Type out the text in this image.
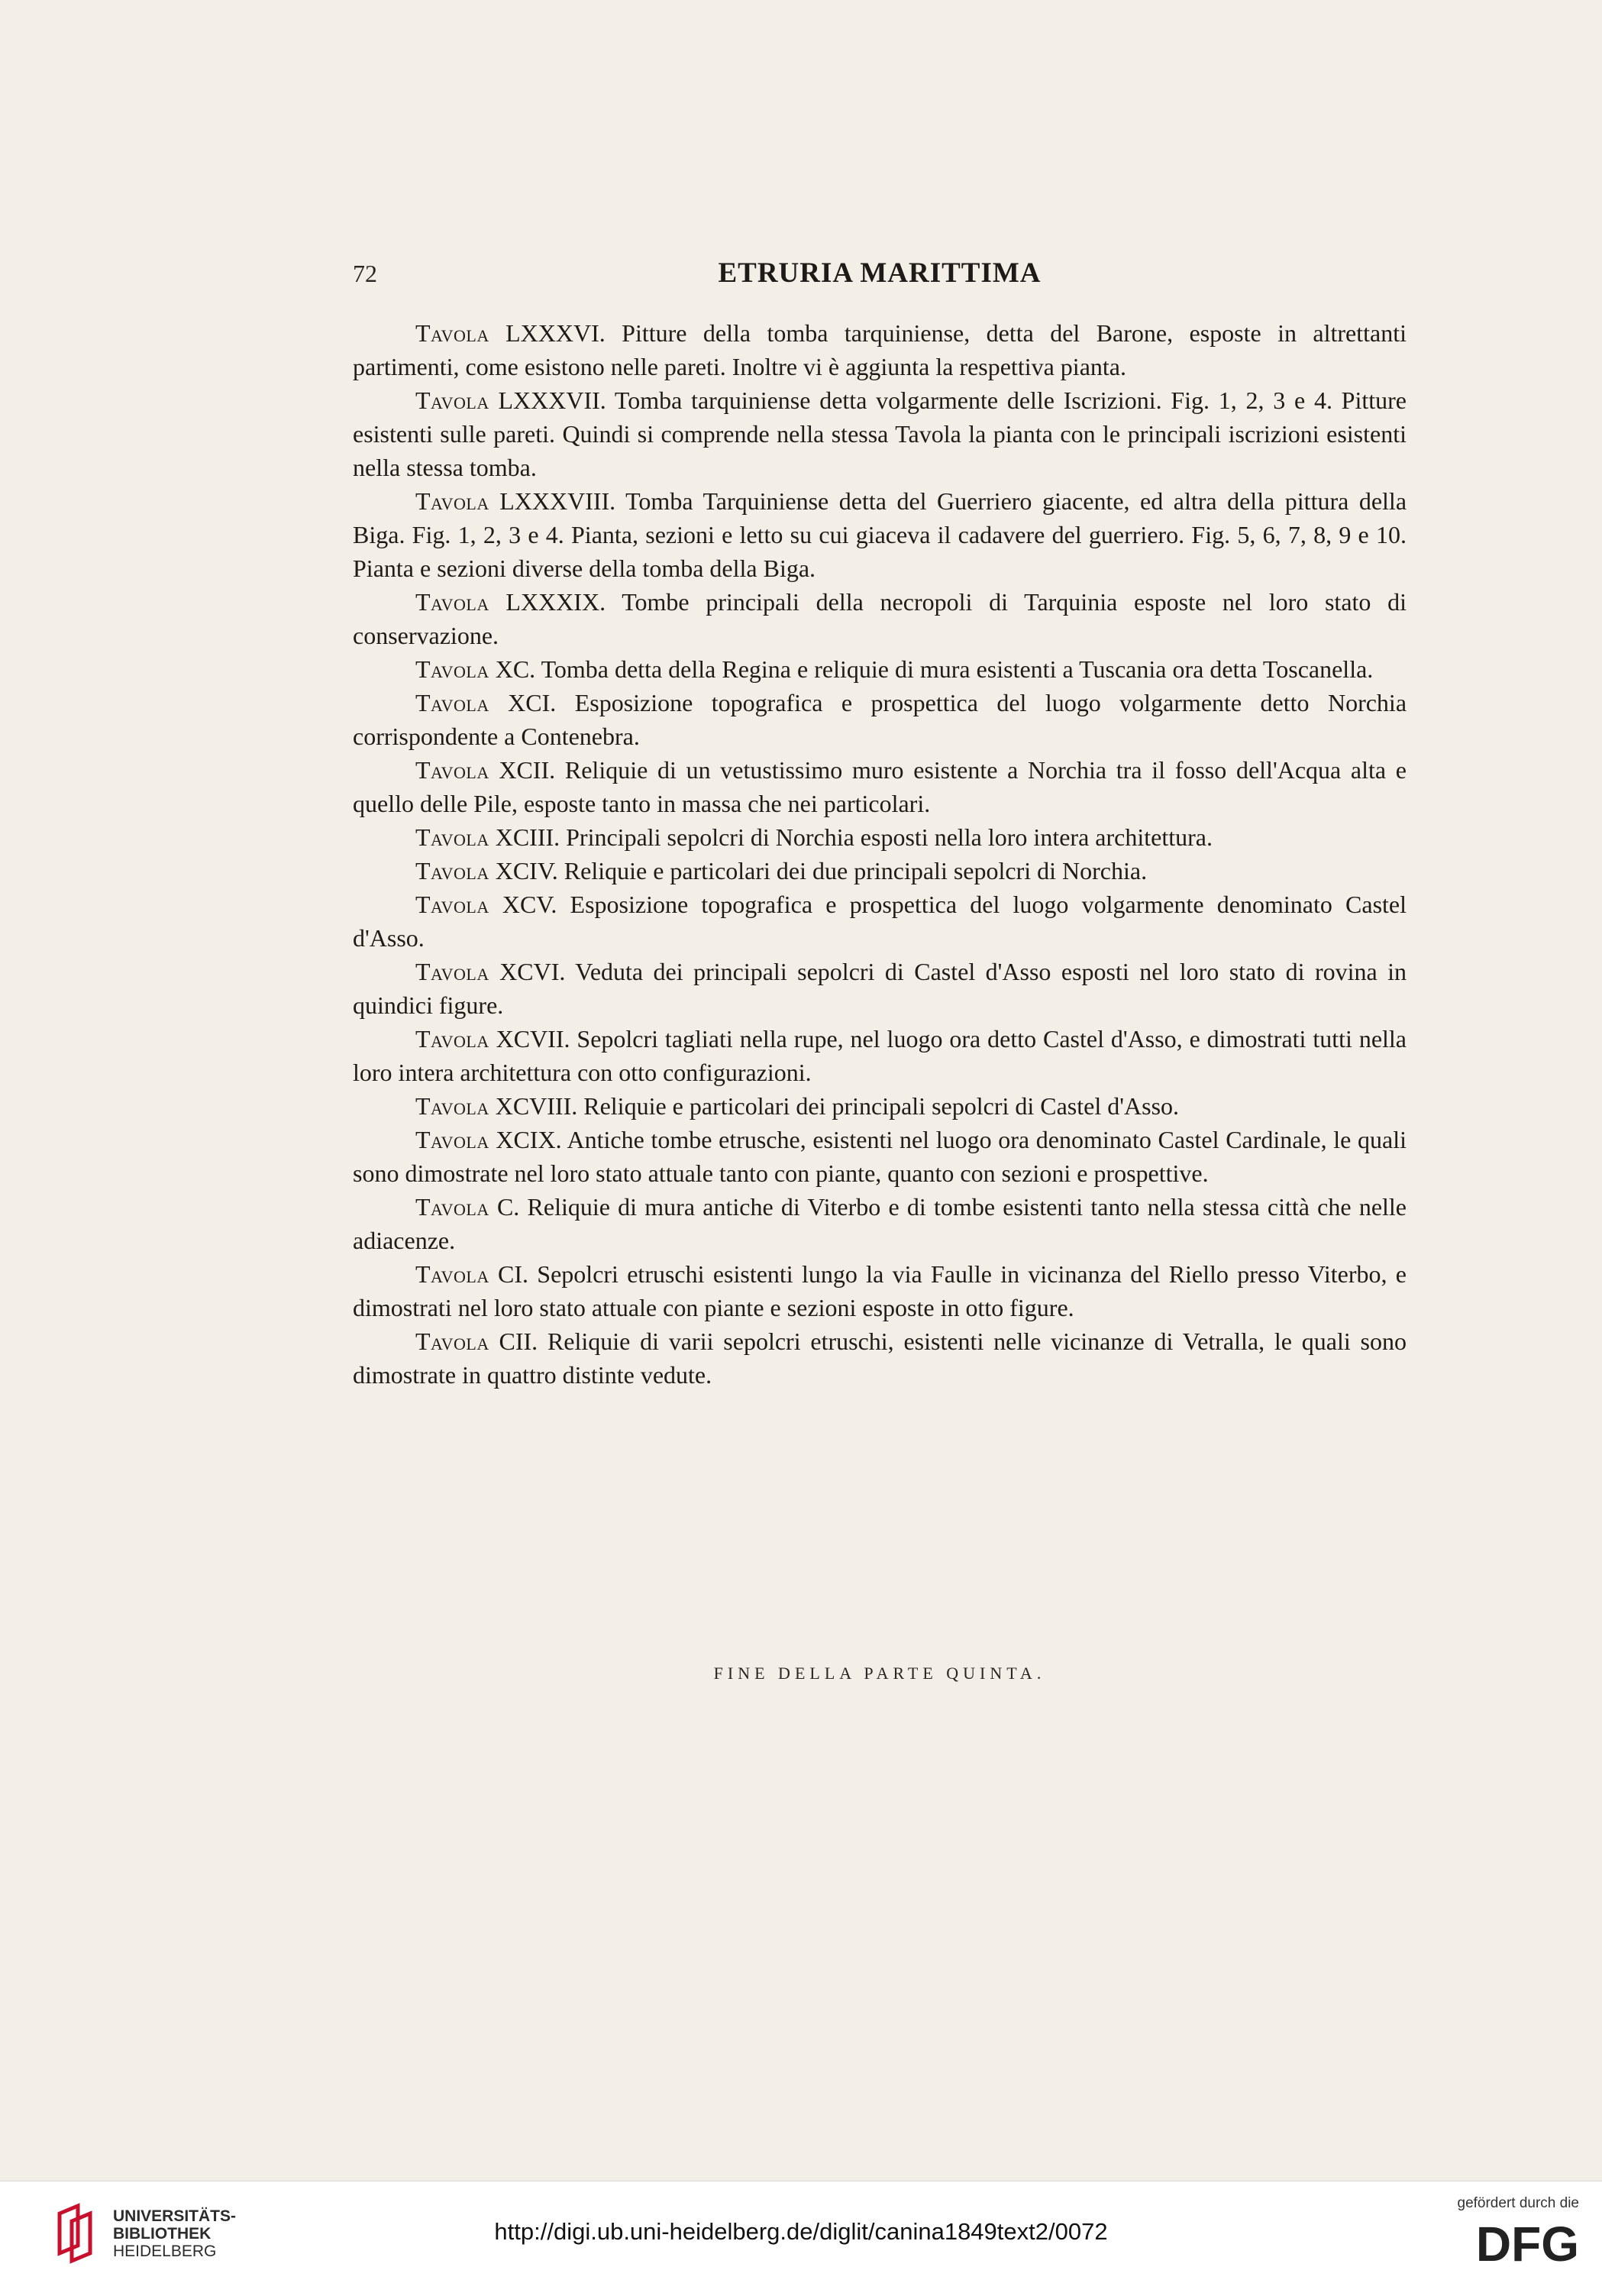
72	ETRURIA MARITTIMA

Tavola LXXXVI. Pitture della tomba tarquiniense, detta del Barone, esposte in altrettanti partimenti, come esistono nelle pareti. Inoltre vi è aggiunta la respettiva pianta.

Tavola LXXXVII. Tomba tarquiniense detta volgarmente delle Iscrizioni. Fig. 1, 2, 3 e 4. Pitture esistenti sulle pareti. Quindi si comprende nella stessa Tavola la pianta con le principali iscrizioni esistenti nella stessa tomba.

Tavola LXXXVIII. Tomba Tarquiniense detta del Guerriero giacente, ed altra della pittura della Biga. Fig. 1, 2, 3 e 4. Pianta, sezioni e letto su cui giaceva il cadavere del guerriero. Fig. 5, 6, 7, 8, 9 e 10. Pianta e sezioni diverse della tomba della Biga.

Tavola LXXXIX. Tombe principali della necropoli di Tarquinia esposte nel loro stato di conservazione.

Tavola XC. Tomba detta della Regina e reliquie di mura esistenti a Tuscania ora detta Toscanella.

Tavola XCI. Esposizione topografica e prospettica del luogo volgarmente detto Norchia corrispondente a Contenebra.

Tavola XCII. Reliquie di un vetustissimo muro esistente a Norchia tra il fosso dell'Acqua alta e quello delle Pile, esposte tanto in massa che nei particolari.

Tavola XCIII. Principali sepolcri di Norchia esposti nella loro intera architettura.

Tavola XCIV. Reliquie e particolari dei due principali sepolcri di Norchia.

Tavola XCV. Esposizione topografica e prospettica del luogo volgarmente denominato Castel d'Asso.

Tavola XCVI. Veduta dei principali sepolcri di Castel d'Asso esposti nel loro stato di rovina in quindici figure.

Tavola XCVII. Sepolcri tagliati nella rupe, nel luogo ora detto Castel d'Asso, e dimostrati tutti nella loro intera architettura con otto configurazioni.

Tavola XCVIII. Reliquie e particolari dei principali sepolcri di Castel d'Asso.

Tavola XCIX. Antiche tombe etrusche, esistenti nel luogo ora denominato Castel Cardinale, le quali sono dimostrate nel loro stato attuale tanto con piante, quanto con sezioni e prospettive.

Tavola C. Reliquie di mura antiche di Viterbo e di tombe esistenti tanto nella stessa città che nelle adiacenze.

Tavola CI. Sepolcri etruschi esistenti lungo la via Faulle in vicinanza del Riello presso Viterbo, e dimostrati nel loro stato attuale con piante e sezioni esposte in otto figure.

Tavola CII. Reliquie di varii sepolcri etruschi, esistenti nelle vicinanze di Vetralla, le quali sono dimostrate in quattro distinte vedute.

FINE DELLA PARTE QUINTA.
UNIVERSITÄTS-
BIBLIOTHEK
HEIDELBERG
http://digi.ub.uni-heidelberg.de/diglit/canina1849text2/0072
gefördert durch die
DFG
